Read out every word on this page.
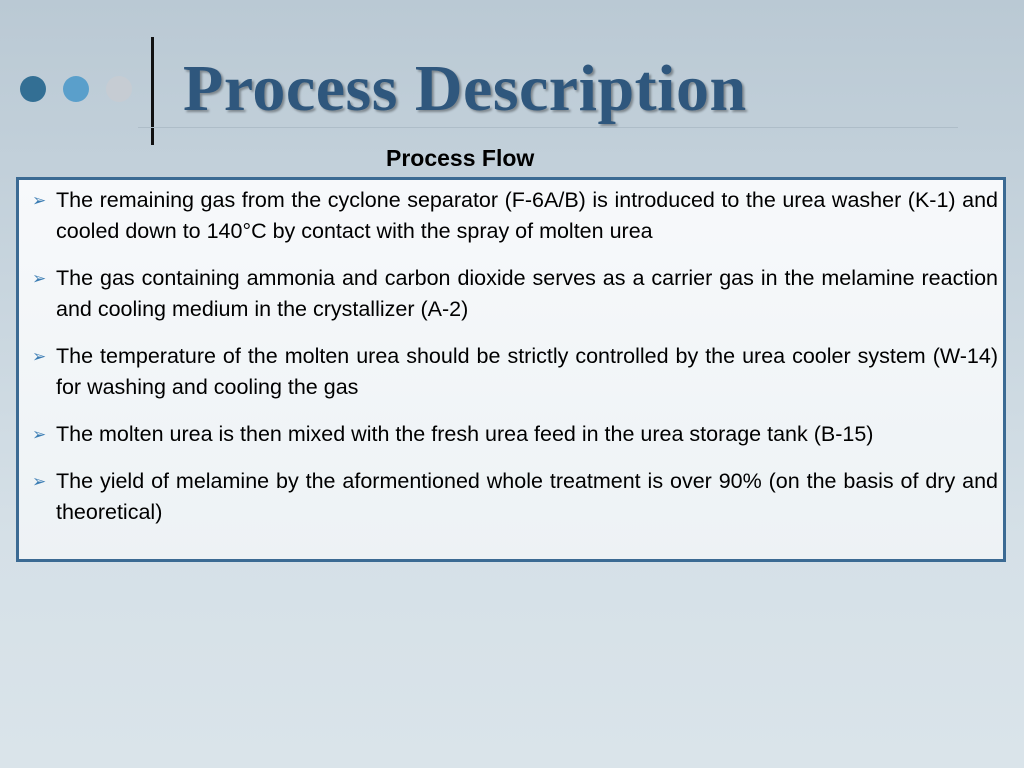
Process Description
Process Flow
➢ The remaining gas from the cyclone separator (F-6A/B) is introduced to the urea washer (K-1) and cooled down to 140°C by contact with the spray of molten urea
➢ The gas containing ammonia and carbon dioxide serves as a carrier gas in the melamine reaction and cooling medium in the crystallizer (A-2)
➢ The temperature of the molten urea should be strictly controlled by the urea cooler system (W-14) for washing and cooling the gas
➢ The molten urea is then mixed with the fresh urea feed in the urea storage tank (B-15)
➢ The yield of melamine by the aformentioned whole treatment is over 90% (on the basis of dry and theoretical)
